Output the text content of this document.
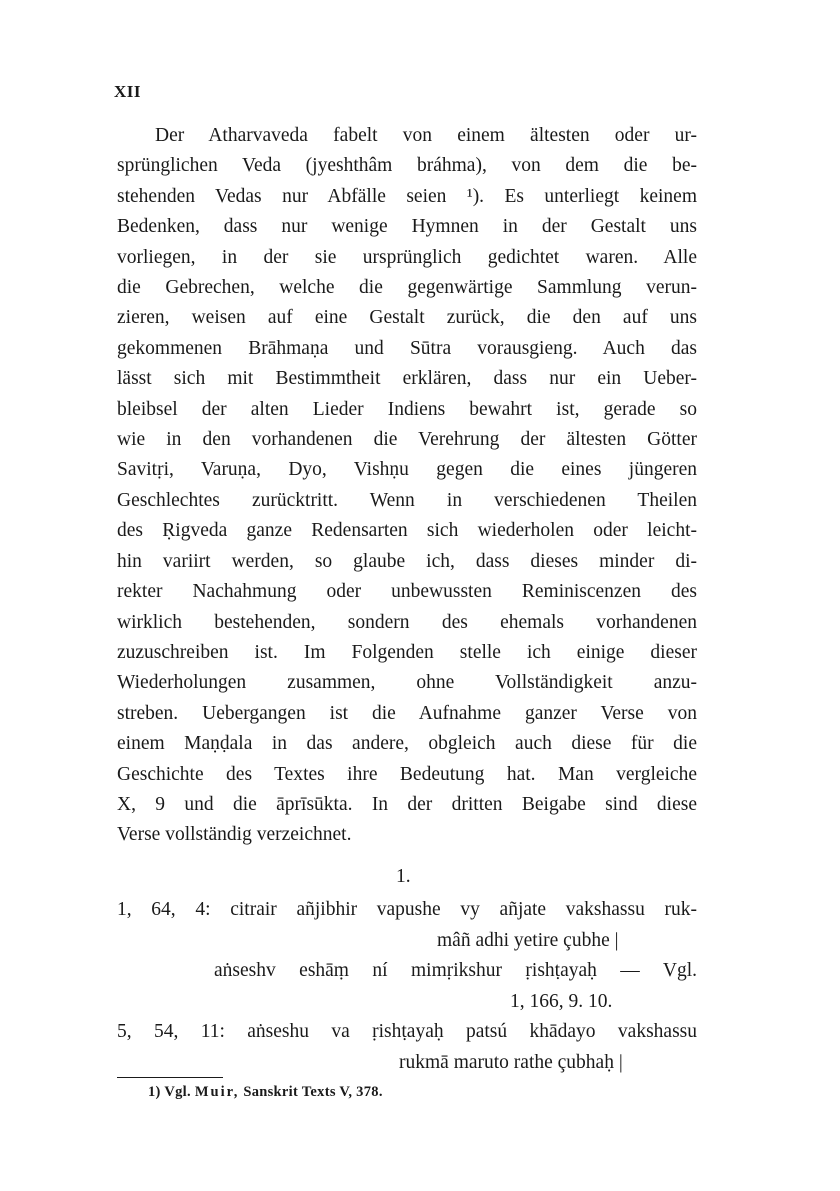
XII
Der Atharvaveda fabelt von einem ältesten oder ur-
sprünglichen Veda (jyeshthâm bráhma), von dem die be-
stehenden Vedas nur Abfälle seien ¹). Es unterliegt keinem
Bedenken, dass nur wenige Hymnen in der Gestalt uns
vorliegen, in der sie ursprünglich gedichtet waren. Alle
die Gebrechen, welche die gegenwärtige Sammlung verun-
zieren, weisen auf eine Gestalt zurück, die den auf uns
gekommenen Brāhmaṇa und Sūtra vorausgieng. Auch das
lässt sich mit Bestimmtheit erklären, dass nur ein Ueber-
bleibsel der alten Lieder Indiens bewahrt ist, gerade so
wie in den vorhandenen die Verehrung der ältesten Götter
Savitṛi, Varuṇa, Dyo, Vishṇu gegen die eines jüngeren
Geschlechtes zurücktritt. Wenn in verschiedenen Theilen
des Ṛigveda ganze Redensarten sich wiederholen oder leicht-
hin variirt werden, so glaube ich, dass dieses minder di-
rekter Nachahmung oder unbewussten Reminiscenzen des
wirklich bestehenden, sondern des ehemals vorhandenen
zuzuschreiben ist. Im Folgenden stelle ich einige dieser
Wiederholungen zusammen, ohne Vollständigkeit anzu-
streben. Uebergangen ist die Aufnahme ganzer Verse von
einem Maṇḍala in das andere, obgleich auch diese für die
Geschichte des Textes ihre Bedeutung hat. Man vergleiche
X, 9 und die āprīsūkta. In der dritten Beigabe sind diese
Verse vollständig verzeichnet.
1.
1, 64, 4: citrair añjibhir vapushe vy añjate vakshassu ruk-
mâñ adhi yetire çubhe |
aṅseshv eshāṃ ní mimṛikshur ṛishṭayaḥ — Vgl.
1, 166, 9. 10.
5, 54, 11: aṅseshu va ṛishṭayaḥ patsú khādayo vakshassu
rukmā maruto rathe çubhaḥ |
1) Vgl. Muir, Sanskrit Texts V, 378.
